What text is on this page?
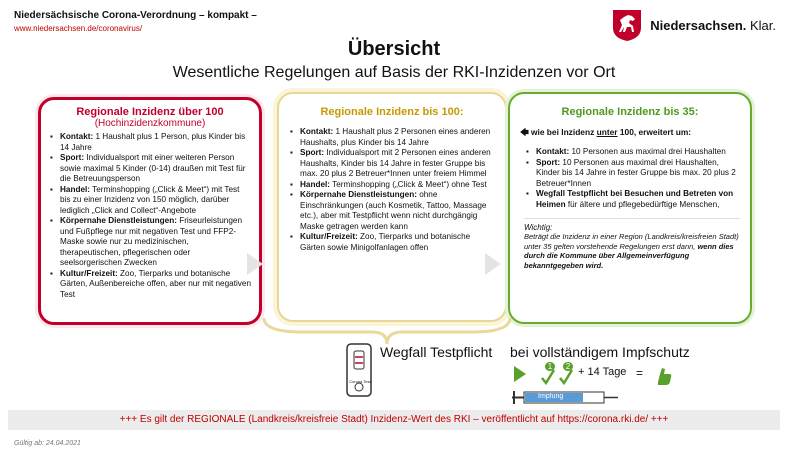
Niedersächsische Corona-Verordnung – kompakt –
www.niedersachsen.de/coronavirus/	Niedersachsen. Klar.
Übersicht
Wesentliche Regelungen auf Basis der RKI-Inzidenzen vor Ort
Regionale Inzidenz über 100
(Hochinzidenzkommune)
▪ Kontakt: 1 Haushalt plus 1 Person, plus Kinder bis 14 Jahre
▪ Sport: Individualsport mit einer weiteren Person sowie maximal 5 Kinder (0-14) draußen mit Test für die Betreuungsperson
▪ Handel: Terminshopping („Click & Meet“) mit Test bis zu einer Inzidenz von 150 möglich, darüber lediglich „Click and Collect“-Angebote
▪ Körpernahe Dienstleistungen: Friseurleistungen und Fußpflege nur mit negativen Test und FFP2-Maske sowie nur zu medizinischen, therapeutischen, pflegerischen oder seelsorgerischen Zwecken
▪ Kultur/Freizeit: Zoo, Tierparks und botanische Gärten, Außenbereiche offen, aber nur mit negativen Test
Regionale Inzidenz bis 100:
▪ Kontakt: 1 Haushalt plus 2 Personen eines anderen Haushalts, plus Kinder bis 14 Jahre
▪ Sport: Individualsport mit 2 Personen eines anderen Haushalts, Kinder bis 14 Jahre in fester Gruppe bis max. 20 plus 2 Betreuer*Innen unter freiem Himmel
▪ Handel: Terminshopping („Click & Meet“) ohne Test
▪ Körpernahe Dienstleistungen: ohne Einschränkungen (auch Kosmetik, Tattoo, Massage etc.), aber mit Testpflicht wenn nicht durchgängig Maske getragen werden kann
▪ Kultur/Freizeit: Zoo, Tierparks und botanische Gärten sowie Minigolfanlagen offen
Regionale Inzidenz bis 35:
🡄 wie bei Inzidenz unter 100, erweitert um:
▪ Kontakt: 10 Personen aus maximal drei Haushalten
▪ Sport: 10 Personen aus maximal drei Haushalten, Kinder bis 14 Jahre in fester Gruppe bis max. 20 plus 2 Betreuer*Innen
▪ Wegfall Testpflicht bei Besuchen und Betreten von Heimen für ältere und pflegebedürftige Menschen,
Wichtig:
Beträgt die Inzidenz in einer Region (Landkreis/kreisfreien Stadt) unter 35 gelten vorstehende Regelungen erst dann, wenn dies durch die Kommune über Allgemeinverfügung bekanntgegeben wird.
Corona Test
Wegfall Testpflicht bei vollständigem Impfschutz
1	2 + 14 Tage =
Impfung
+++ Es gilt der REGIONALE (Landkreis/kreisfreie Stadt) Inzidenz-Wert des RKI – veröffentlicht auf https://corona.rki.de/ +++
Gültig ab: 24.04.2021
